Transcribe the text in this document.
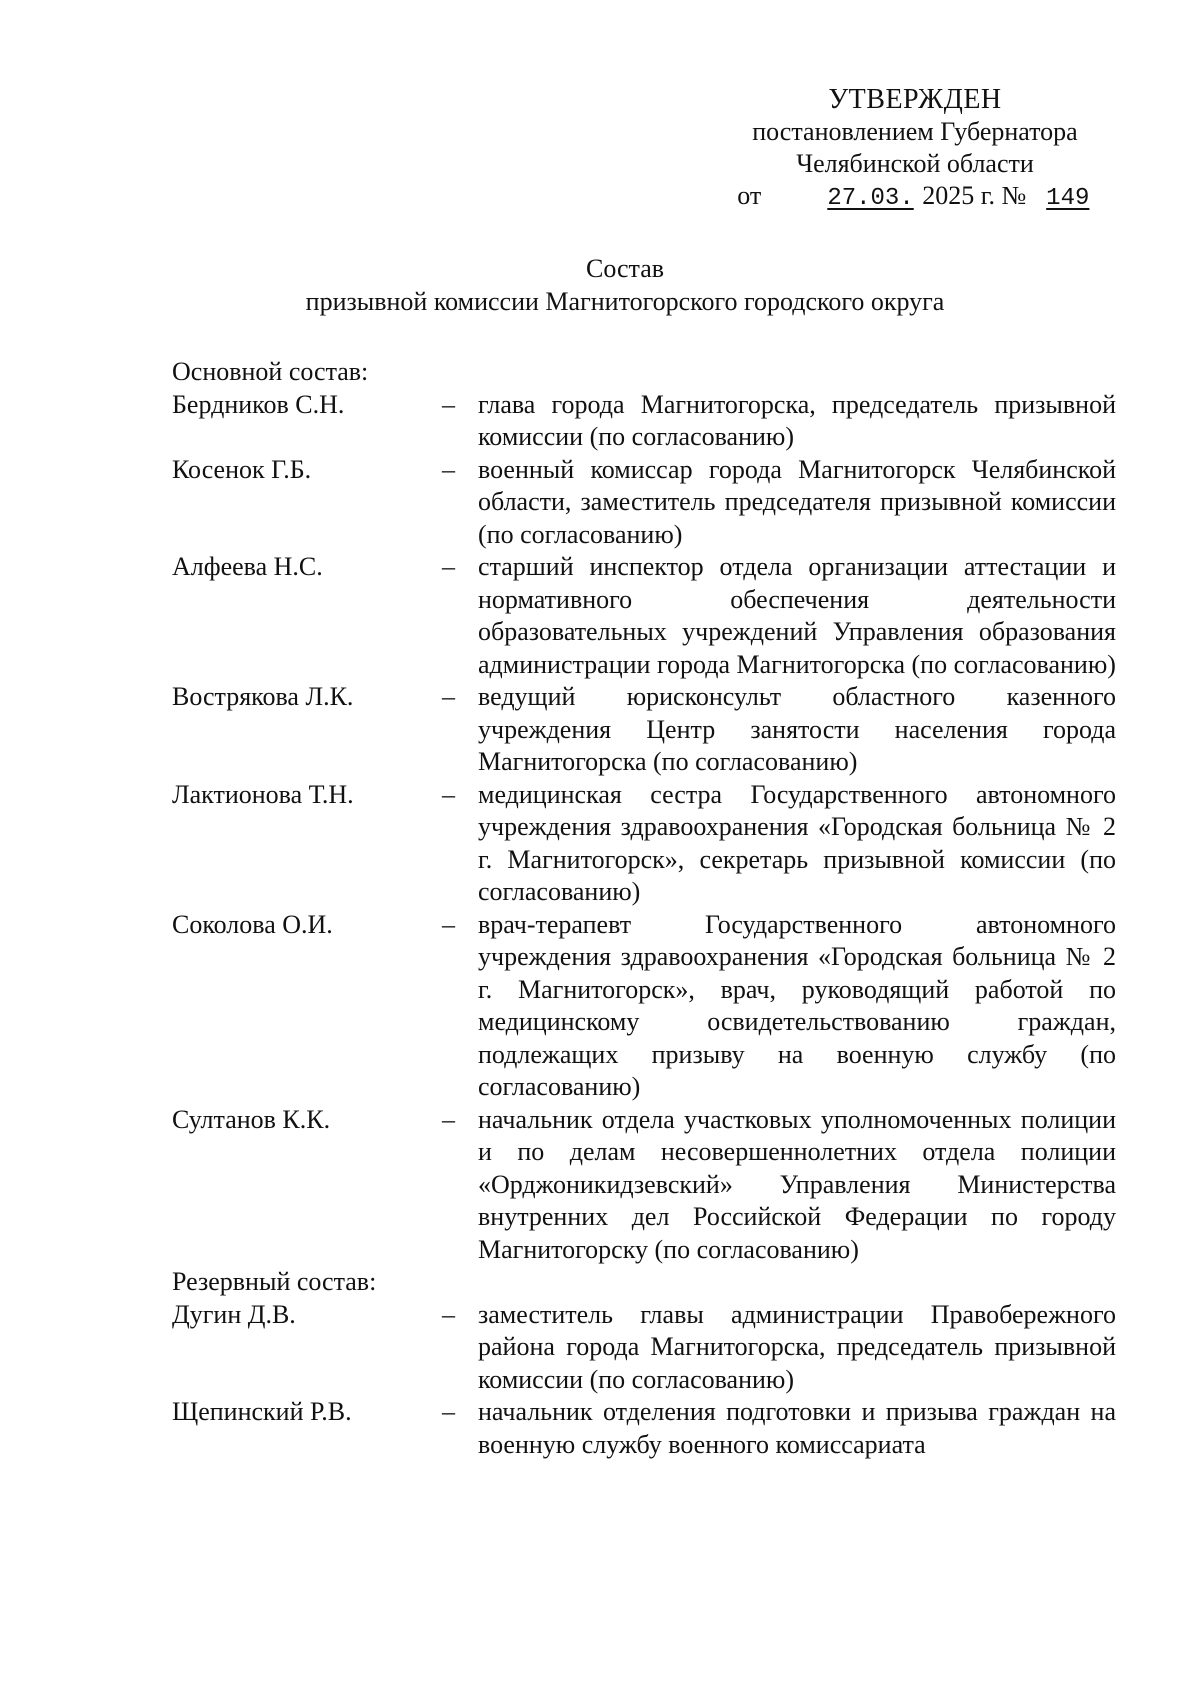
УТВЕРЖДЕН
постановлением Губернатора
Челябинской области
от	27.03. 2025 г. № 149
Состав
призывной комиссии Магнитогорского городского округа
Основной состав:
Бердников С.Н.	– глава города Магнитогорска, председатель призывной комиссии (по согласованию)
Косенок Г.Б.	– военный комиссар города Магнитогорск Челябинской области, заместитель председателя призывной комиссии (по согласованию)
Алфеева Н.С.	– старший инспектор отдела организации аттестации и нормативного обеспечения деятельности образовательных учреждений Управления образования администрации города Магнитогорска (по согласованию)
Вострякова Л.К.	– ведущий юрисконсульт областного казенного учреждения Центр занятости населения города Магнитогорска (по согласованию)
Лактионова Т.Н.	– медицинская сестра Государственного автономного учреждения здравоохранения «Городская больница № 2 г. Магнитогорск», секретарь призывной комиссии (по согласованию)
Соколова О.И.	– врач-терапевт Государственного автономного учреждения здравоохранения «Городская больница № 2 г. Магнитогорск», врач, руководящий работой по медицинскому освидетельствованию граждан, подлежащих призыву на военную службу (по согласованию)
Султанов К.К.	– начальник отдела участковых уполномоченных полиции и по делам несовершеннолетних отдела полиции «Орджоникидзевский» Управления Министерства внутренних дел Российской Федерации по городу Магнитогорску (по согласованию)
Резервный состав:
Дугин Д.В.	– заместитель главы администрации Правобережного района города Магнитогорска, председатель призывной комиссии (по согласованию)
Щепинский Р.В.	– начальник отделения подготовки и призыва граждан на военную службу военного комиссариата
